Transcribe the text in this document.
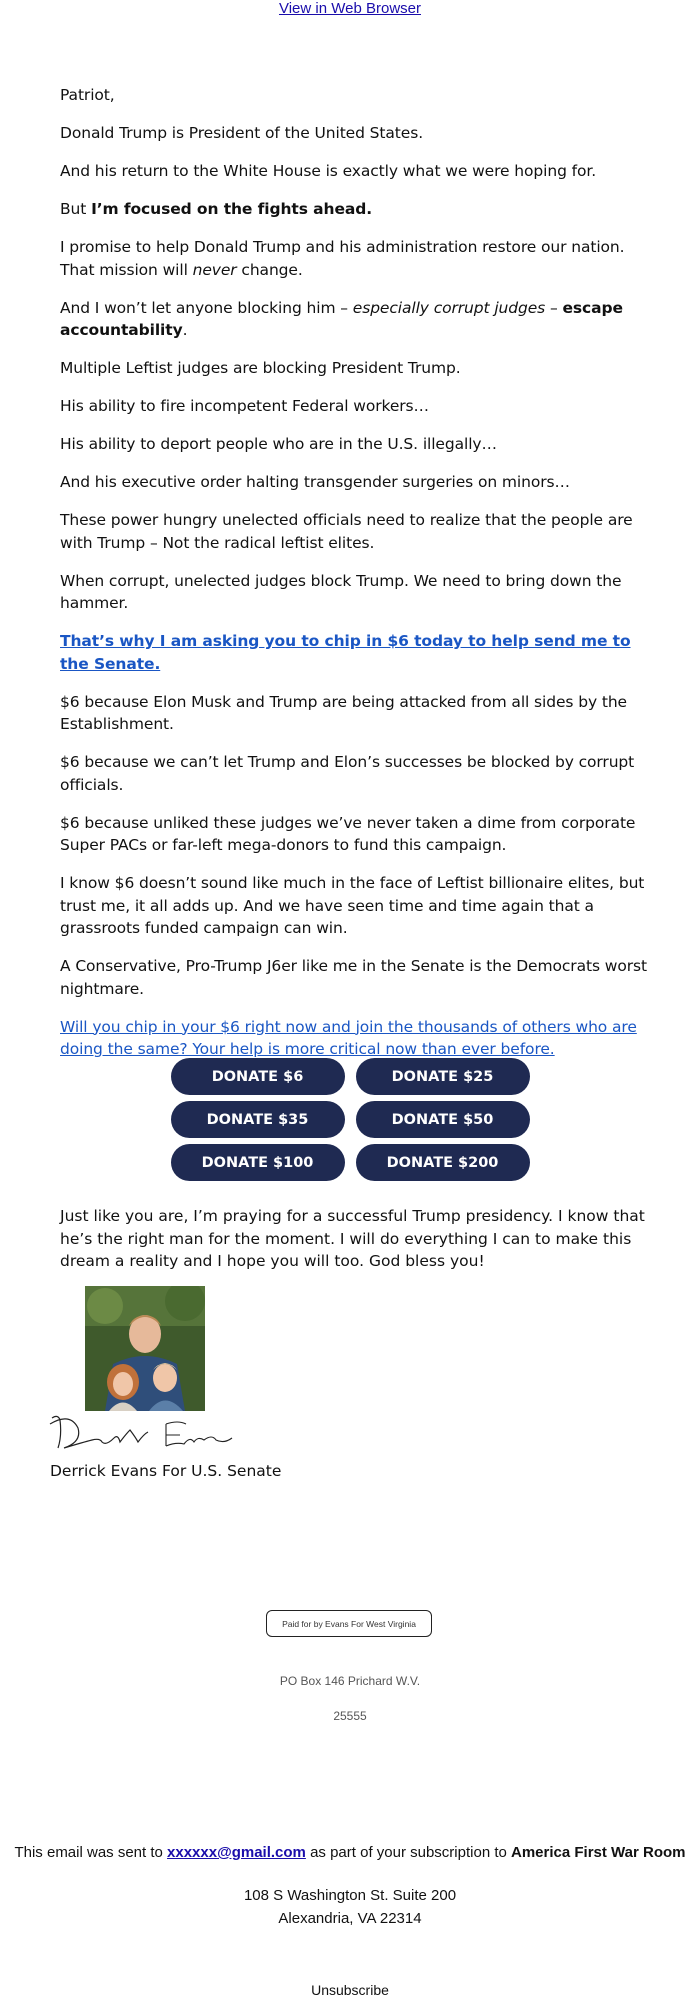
View in Web Browser

Patriot,

Donald Trump is President of the United States.

And his return to the White House is exactly what we were hoping for.

But I’m focused on the fights ahead.

I promise to help Donald Trump and his administration restore our nation. That mission will never change.

And I won’t let anyone blocking him – especially corrupt judges – escape accountability.

Multiple Leftist judges are blocking President Trump.

His ability to fire incompetent Federal workers…

His ability to deport people who are in the U.S. illegally…

And his executive order halting transgender surgeries on minors…

These power hungry unelected officials need to realize that the people are with Trump – Not the radical leftist elites.

When corrupt, unelected judges block Trump. We need to bring down the hammer.

That’s why I am asking you to chip in $6 today to help send me to the Senate.

$6 because Elon Musk and Trump are being attacked from all sides by the Establishment.

$6 because we can’t let Trump and Elon’s successes be blocked by corrupt officials.

$6 because unliked these judges we’ve never taken a dime from corporate Super PACs or far-left mega-donors to fund this campaign.

I know $6 doesn’t sound like much in the face of Leftist billionaire elites, but trust me, it all adds up. And we have seen time and time again that a grassroots funded campaign can win.

A Conservative, Pro-Trump J6er like me in the Senate is the Democrats worst nightmare.

Will you chip in your $6 right now and join the thousands of others who are doing the same? Your help is more critical now than ever before.

DONATE $6	DONATE $25
DONATE $35	DONATE $50
DONATE $100	DONATE $200
Just like you are, I’m praying for a successful Trump presidency. I know that he’s the right man for the moment. I will do everything I can to make this dream a reality and I hope you will too. God bless you!
Derrick Evans For U.S. Senate
Paid for by Evans For West Virginia
PO Box 146 Prichard W.V.
25555
This email was sent to xxxxxx@gmail.com as part of your subscription to America First War Room
108 S Washington St. Suite 200
Alexandria, VA 22314
Unsubscribe
